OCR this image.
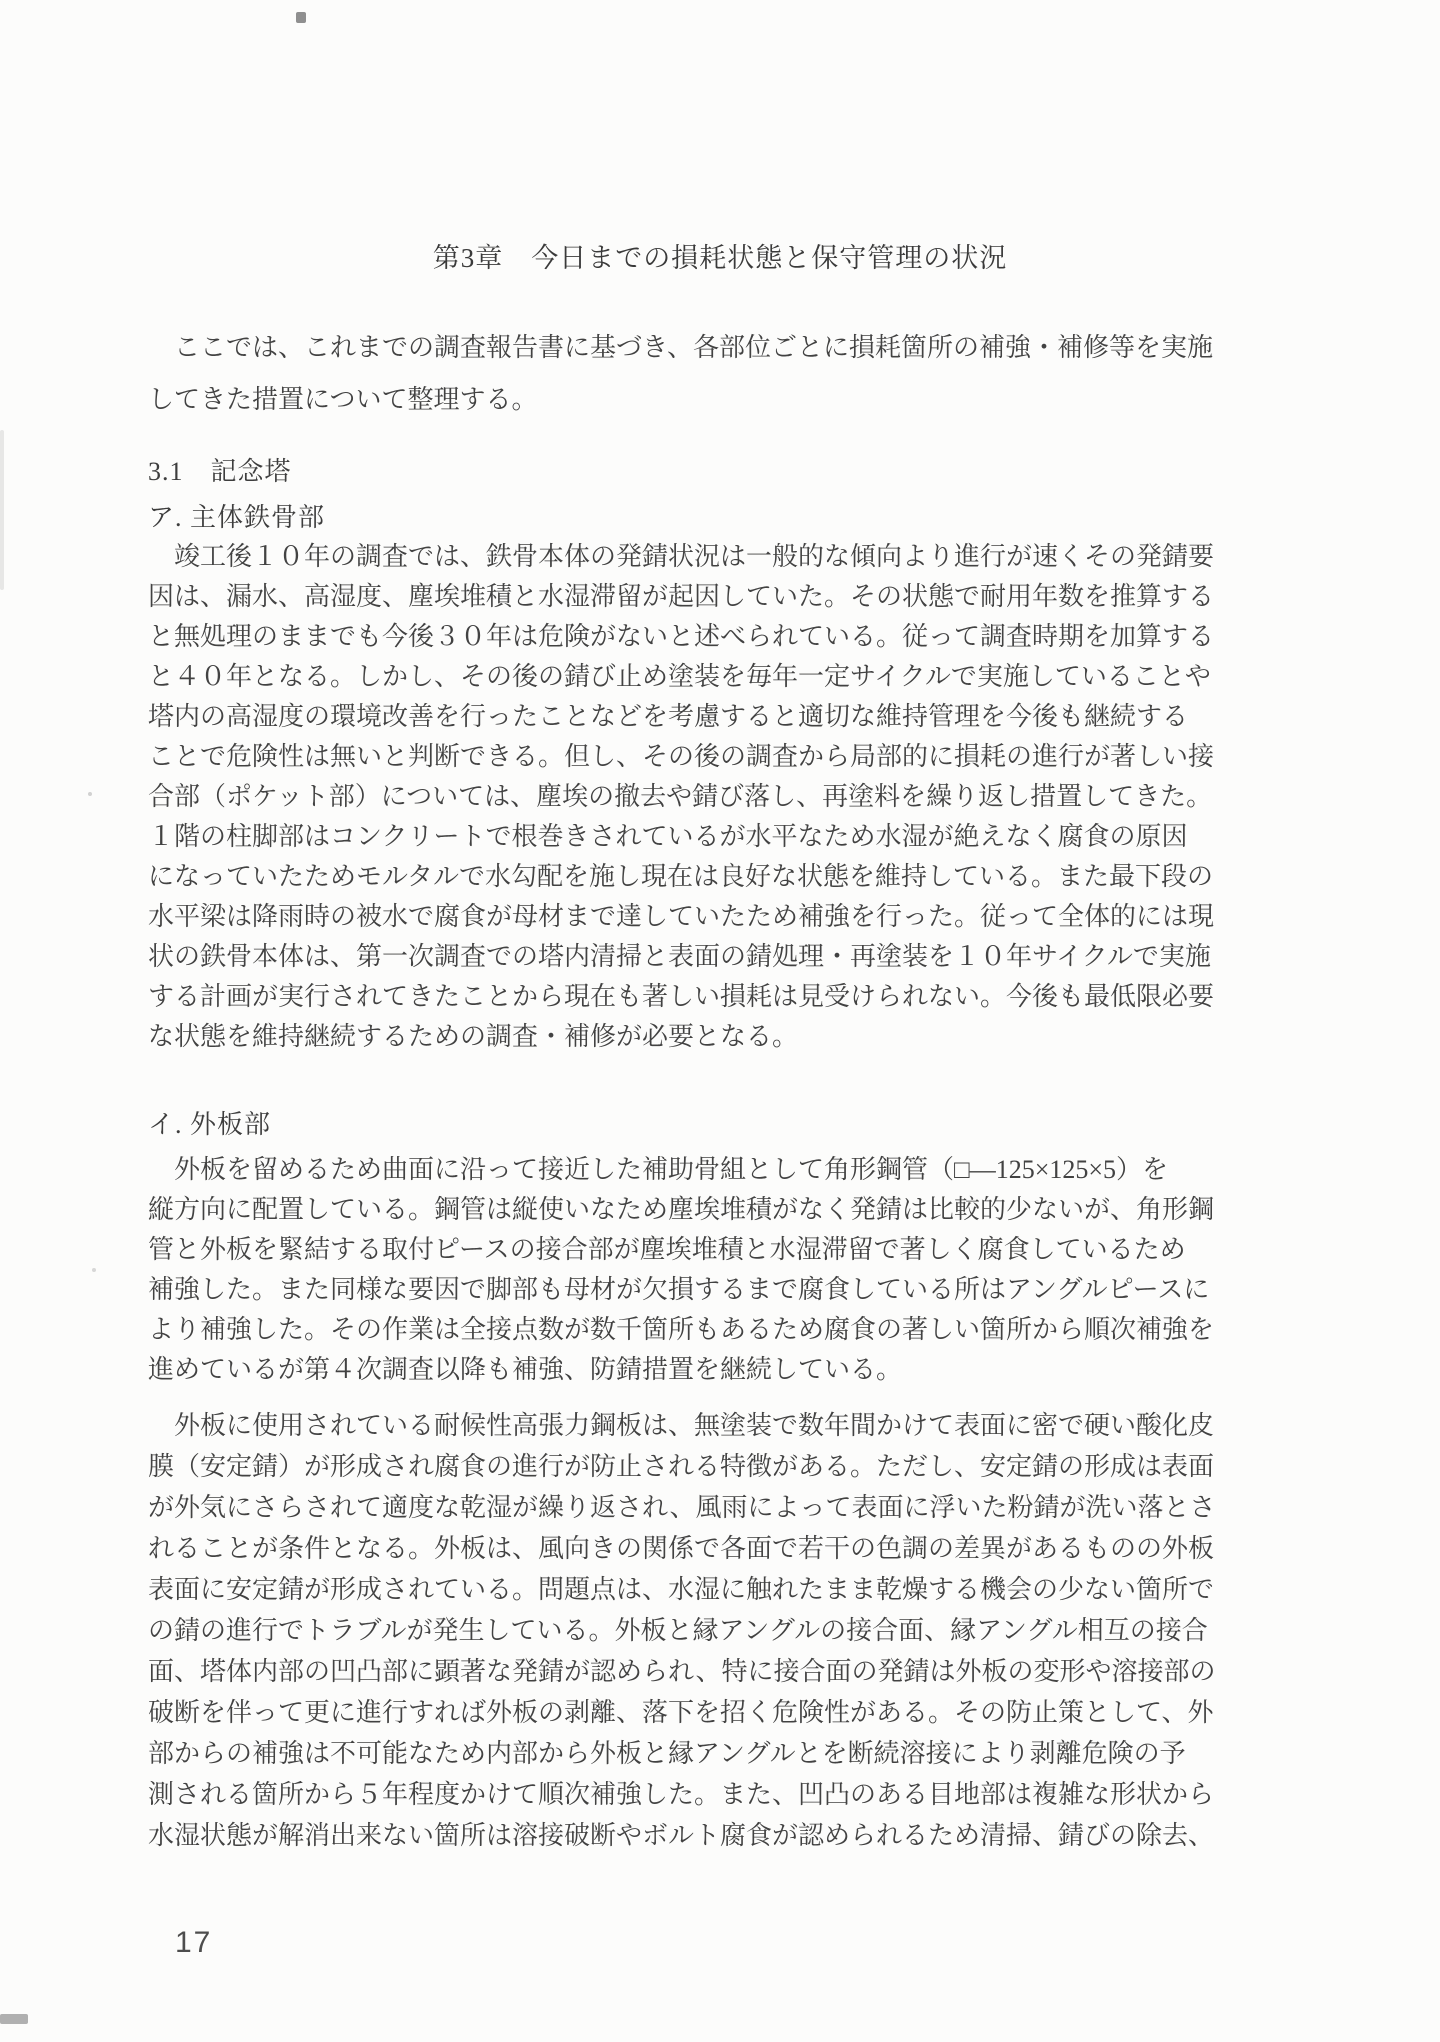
第3章　今日までの損耗状態と保守管理の状況
　ここでは、これまでの調査報告書に基づき、各部位ごとに損耗箇所の補強・補修等を実施
してきた措置について整理する。
3.1　記念塔
ア. 主体鉄骨部
　竣工後１０年の調査では、鉄骨本体の発錆状況は一般的な傾向より進行が速くその発錆要
因は、漏水、高湿度、塵埃堆積と水湿滞留が起因していた。その状態で耐用年数を推算する
と無処理のままでも今後３０年は危険がないと述べられている。従って調査時期を加算する
と４０年となる。しかし、その後の錆び止め塗装を毎年一定サイクルで実施していることや
塔内の高湿度の環境改善を行ったことなどを考慮すると適切な維持管理を今後も継続する
ことで危険性は無いと判断できる。但し、その後の調査から局部的に損耗の進行が著しい接
合部（ポケット部）については、塵埃の撤去や錆び落し、再塗料を繰り返し措置してきた。
１階の柱脚部はコンクリートで根巻きされているが水平なため水湿が絶えなく腐食の原因
になっていたためモルタルで水勾配を施し現在は良好な状態を維持している。また最下段の
水平梁は降雨時の被水で腐食が母材まで達していたため補強を行った。従って全体的には現
状の鉄骨本体は、第一次調査での塔内清掃と表面の錆処理・再塗装を１０年サイクルで実施
する計画が実行されてきたことから現在も著しい損耗は見受けられない。今後も最低限必要
な状態を維持継続するための調査・補修が必要となる。
イ. 外板部
　外板を留めるため曲面に沿って接近した補助骨組として角形鋼管（□―125×125×5）を
縦方向に配置している。鋼管は縦使いなため塵埃堆積がなく発錆は比較的少ないが、角形鋼
管と外板を緊結する取付ピースの接合部が塵埃堆積と水湿滞留で著しく腐食しているため
補強した。また同様な要因で脚部も母材が欠損するまで腐食している所はアングルピースに
より補強した。その作業は全接点数が数千箇所もあるため腐食の著しい箇所から順次補強を
進めているが第４次調査以降も補強、防錆措置を継続している。
　外板に使用されている耐候性高張力鋼板は、無塗装で数年間かけて表面に密で硬い酸化皮
膜（安定錆）が形成され腐食の進行が防止される特徴がある。ただし、安定錆の形成は表面
が外気にさらされて適度な乾湿が繰り返され、風雨によって表面に浮いた粉錆が洗い落とさ
れることが条件となる。外板は、風向きの関係で各面で若干の色調の差異があるものの外板
表面に安定錆が形成されている。問題点は、水湿に触れたまま乾燥する機会の少ない箇所で
の錆の進行でトラブルが発生している。外板と縁アングルの接合面、縁アングル相互の接合
面、塔体内部の凹凸部に顕著な発錆が認められ、特に接合面の発錆は外板の変形や溶接部の
破断を伴って更に進行すれば外板の剥離、落下を招く危険性がある。その防止策として、外
部からの補強は不可能なため内部から外板と縁アングルとを断続溶接により剥離危険の予
測される箇所から５年程度かけて順次補強した。また、凹凸のある目地部は複雑な形状から
水湿状態が解消出来ない箇所は溶接破断やボルト腐食が認められるため清掃、錆びの除去、
17
